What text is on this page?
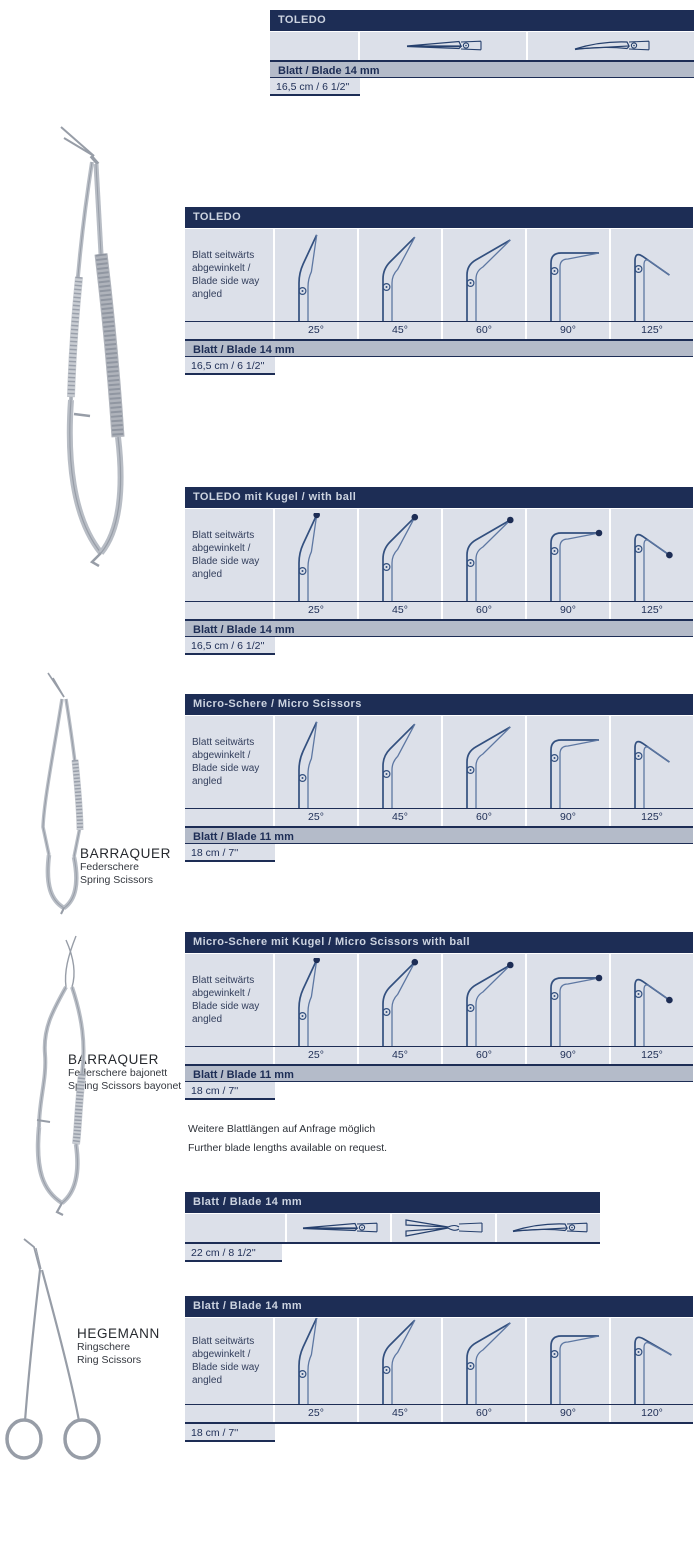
TOLEDO
Blatt / Blade 14 mm
16,5 cm / 6 1/2"
TOLEDO
Blatt seitwärts
abgewinkelt /
Blade side way
angled
25°	45°	60°	90°	125°
Blatt / Blade 14 mm
16,5 cm / 6 1/2''
TOLEDO mit Kugel / with ball
Blatt seitwärts
abgewinkelt /
Blade side way
angled
25°	45°	60°	90°	125°
Blatt / Blade 14 mm
16,5 cm / 6 1/2''
Micro-Schere / Micro Scissors
Blatt seitwärts
abgewinkelt /
Blade side way
angled
25°	45°	60°	90°	125°
Blatt / Blade 11 mm
18 cm / 7''
Micro-Schere mit Kugel / Micro Scissors with ball
Blatt seitwärts
abgewinkelt /
Blade side way
angled
25°	45°	60°	90°	125°
Blatt / Blade 11 mm
18 cm / 7''
Weitere Blattlängen auf Anfrage möglich
Further blade lengths available on request.
Blatt / Blade 14 mm
22 cm / 8 1/2''
Blatt / Blade 14 mm
Blatt seitwärts
abgewinkelt /
Blade side way
angled
25°	45°	60°	90°	120°
18 cm / 7''
BARRAQUER
Federschere
Spring Scissors
BARRAQUER
Federschere bajonett
Spring Scissors bayonet
HEGEMANN
Ringschere
Ring Scissors
